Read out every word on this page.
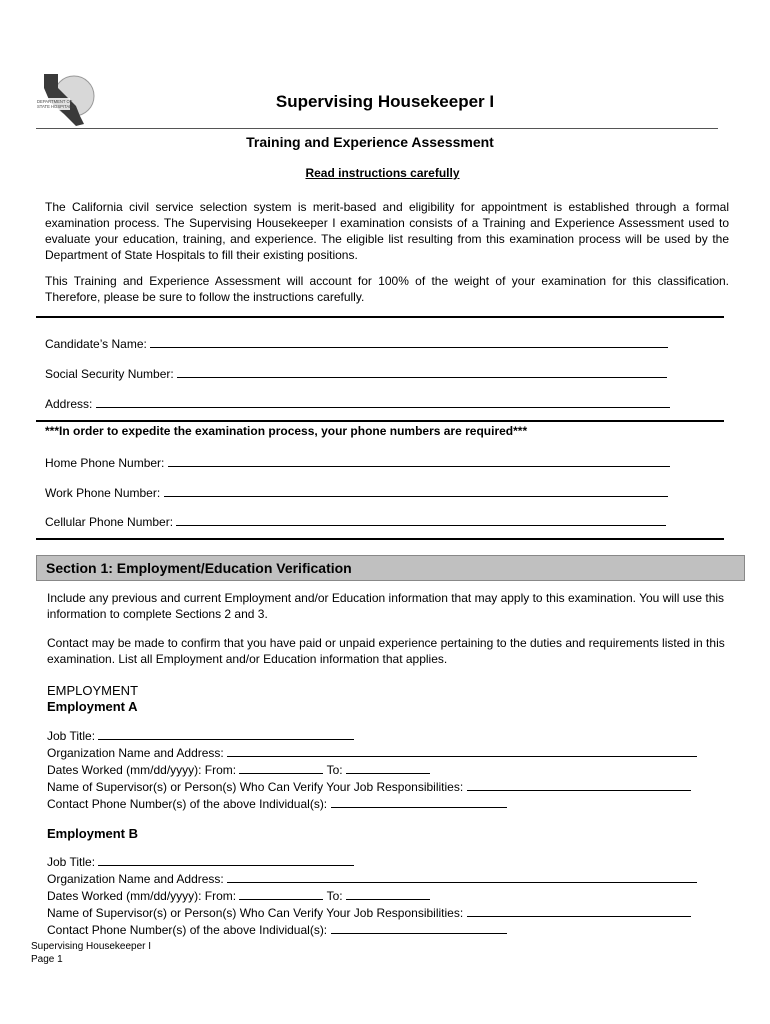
DEPARTMENT OF
STATE HOSPITALS	Supervising Housekeeper I
Training and Experience Assessment
Read instructions carefully
The California civil service selection system is merit-based and eligibility for appointment is established through a formal examination process. The Supervising Housekeeper I examination consists of a Training and Experience Assessment used to evaluate your education, training, and experience. The eligible list resulting from this examination process will be used by the Department of State Hospitals to fill their existing positions.
This Training and Experience Assessment will account for 100% of the weight of your examination for this classification. Therefore, please be sure to follow the instructions carefully.
Candidate’s Name:
Social Security Number:
Address:
***In order to expedite the examination process, your phone numbers are required***
Home Phone Number:
Work Phone Number:
Cellular Phone Number:
Section 1: Employment/Education Verification
Include any previous and current Employment and/or Education information that may apply to this examination. You will use this information to complete Sections 2 and 3.
Contact may be made to confirm that you have paid or unpaid experience pertaining to the duties and requirements listed in this examination. List all Employment and/or Education information that applies.
EMPLOYMENT
Employment A
Job Title:
Organization Name and Address:
Dates Worked (mm/dd/yyyy): From:	To:
Name of Supervisor(s) or Person(s) Who Can Verify Your Job Responsibilities:
Contact Phone Number(s) of the above Individual(s):
Employment B
Job Title:
Organization Name and Address:
Dates Worked (mm/dd/yyyy): From:	To:
Name of Supervisor(s) or Person(s) Who Can Verify Your Job Responsibilities:
Contact Phone Number(s) of the above Individual(s):
Supervising Housekeeper I
Page 1
